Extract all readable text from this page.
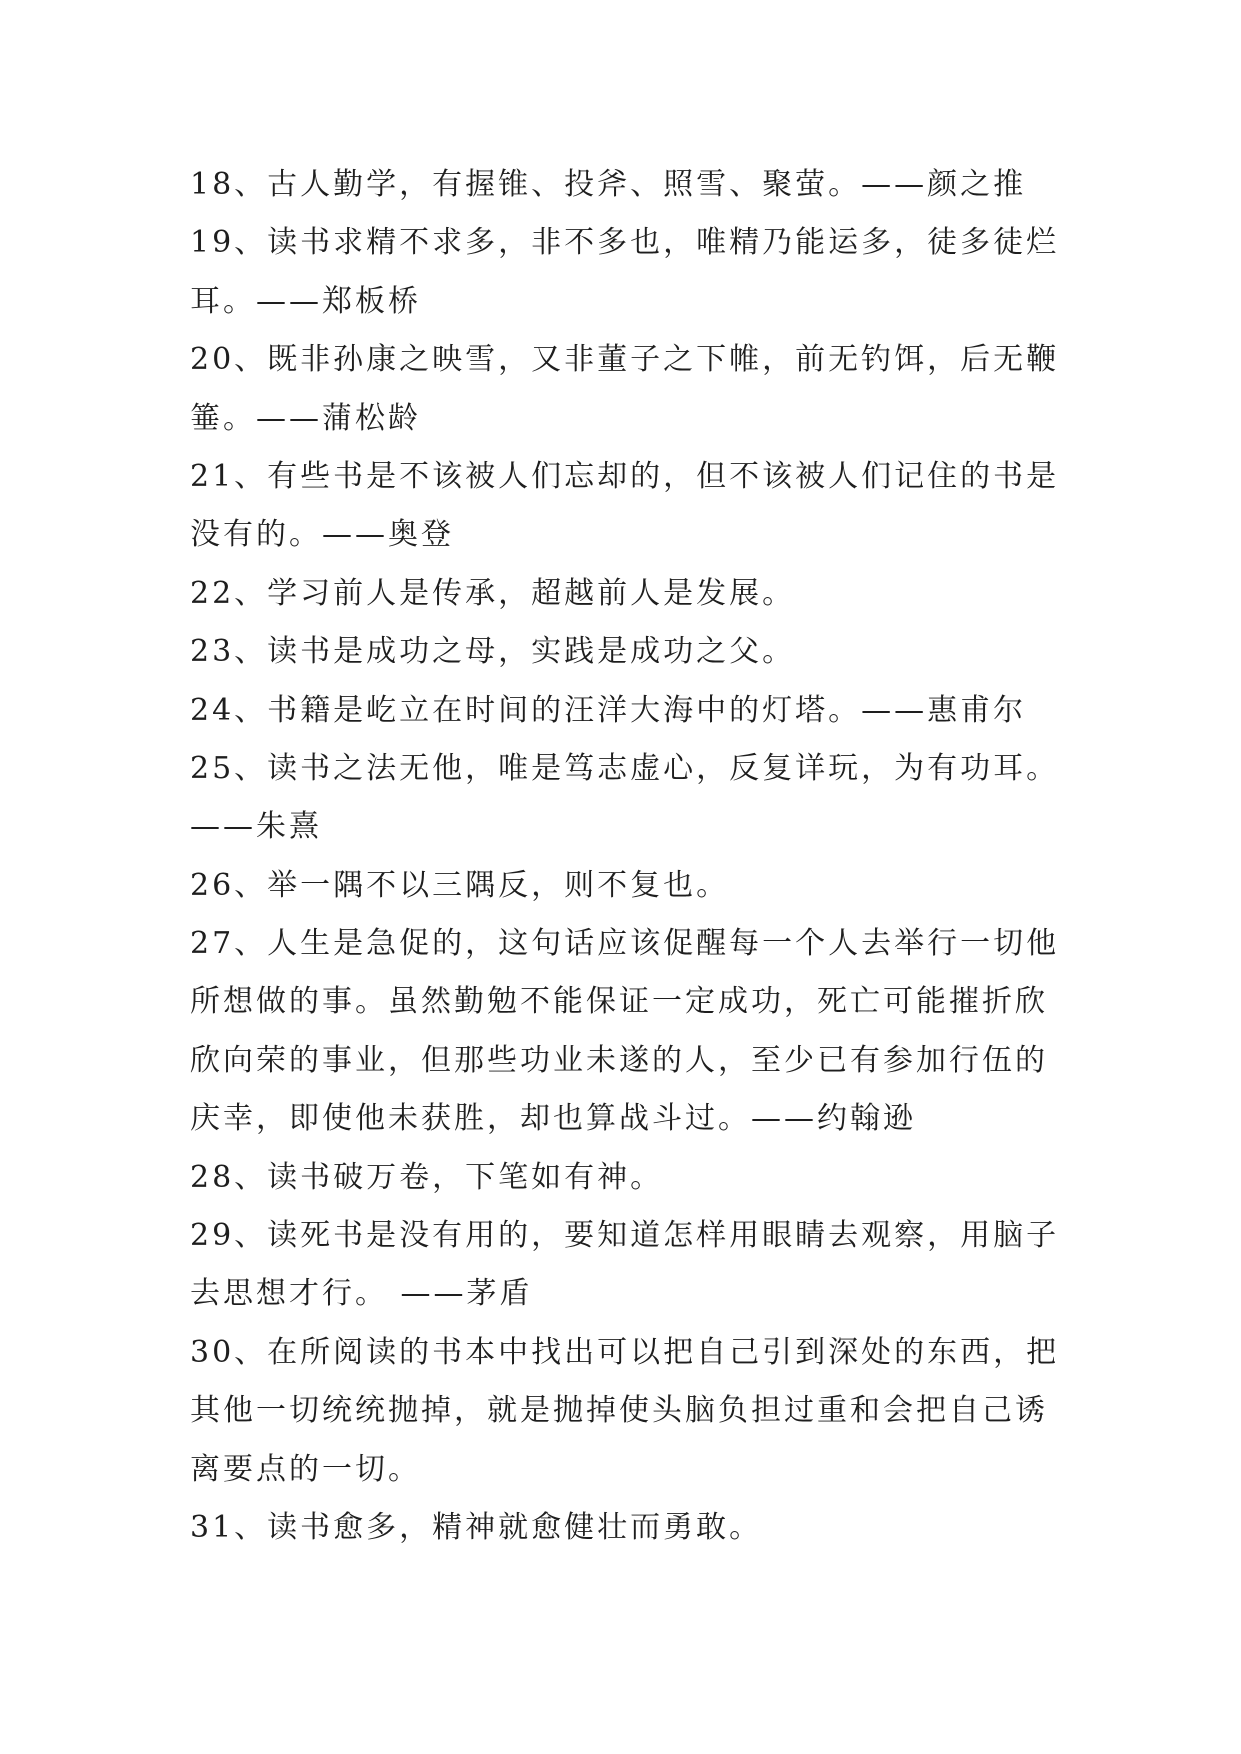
18、古人勤学，有握锥、投斧、照雪、聚萤。——颜之推
19、读书求精不求多，非不多也，唯精乃能运多，徒多徒烂
耳。——郑板桥
20、既非孙康之映雪，又非董子之下帷，前无钓饵，后无鞭
箠。——蒲松龄
21、有些书是不该被人们忘却的，但不该被人们记住的书是
没有的。——奥登
22、学习前人是传承，超越前人是发展。
23、读书是成功之母，实践是成功之父。
24、书籍是屹立在时间的汪洋大海中的灯塔。——惠甫尔
25、读书之法无他，唯是笃志虚心，反复详玩，为有功耳。
——朱熹
26、举一隅不以三隅反，则不复也。
27、人生是急促的，这句话应该促醒每一个人去举行一切他
所想做的事。虽然勤勉不能保证一定成功，死亡可能摧折欣
欣向荣的事业，但那些功业未遂的人，至少已有参加行伍的
庆幸，即使他未获胜，却也算战斗过。——约翰逊
28、读书破万卷，下笔如有神。
29、读死书是没有用的，要知道怎样用眼睛去观察，用脑子
去思想才行。 ——茅盾
30、在所阅读的书本中找出可以把自己引到深处的东西，把
其他一切统统抛掉，就是抛掉使头脑负担过重和会把自己诱
离要点的一切。
31、读书愈多，精神就愈健壮而勇敢。
